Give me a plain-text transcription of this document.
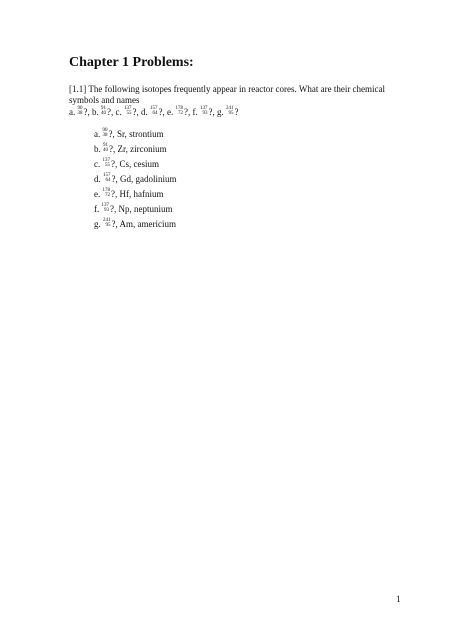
Chapter 1 Problems:
[1.1] The following isotopes frequently appear in reactor cores. What are their chemical symbols and names
a. 90
38 ?, b. 91
40 ?, c. 137
55 ?, d. 157
64 ?, e. 178
72 ?, f. 137
93 ?, g. 241
95 ?
a. 90
38 ?, Sr, strontium
b. 91
40 ?, Zr, zirconium
c. 137
55 ?, Cs, cesium
d. 157
64 ?, Gd, gadolinium
e. 178
72 ?, Hf, hafnium
f. 137
93 ?, Np, neptunium
g. 241
95 ?, Am, americium
1
